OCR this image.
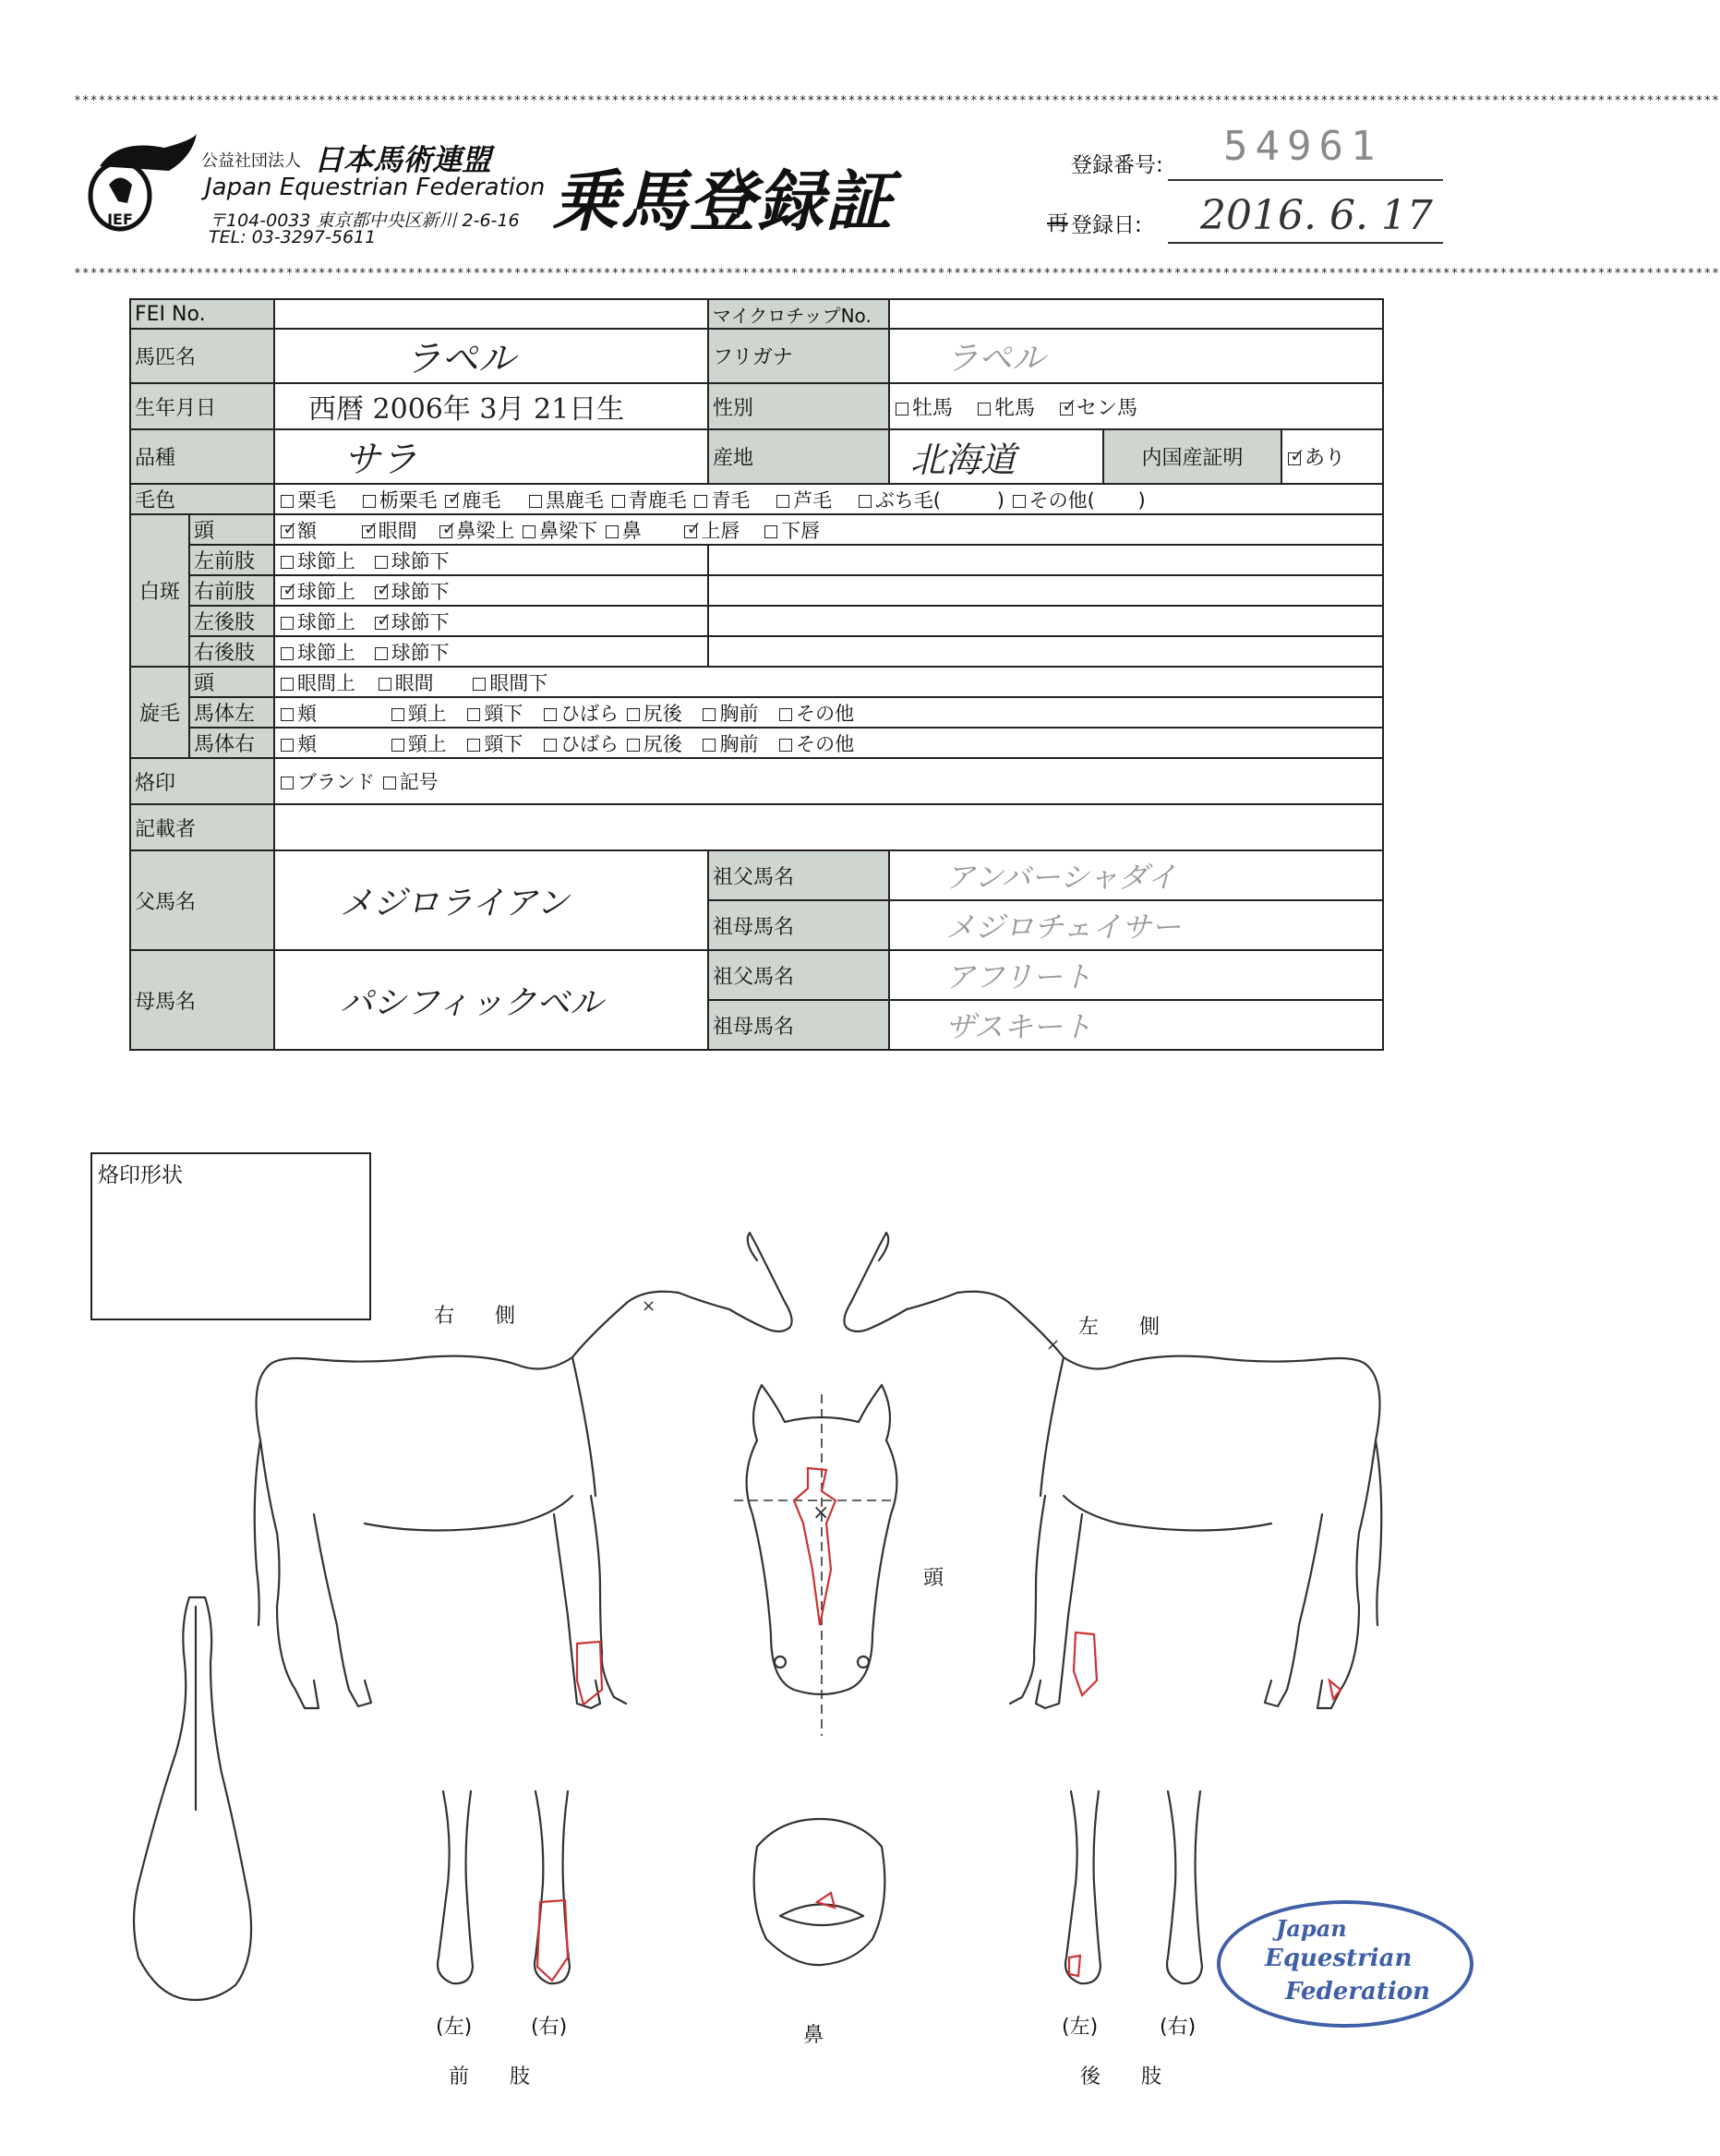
**********************************************************************************************************************************************************************************************************
JEF
公益社団法人 日本馬術連盟
Japan Equestrian Federation
〒104-0033 東京都中央区新川 2-6-16
TEL: 03-3297-5611	乗馬登録証	登録番号: 54961
再 登録日: 2016. 6. 17
**********************************************************************************************************************************************************************************************************
FEI No.			マイクロチップNo.			
馬匹名		ラペル	フリガナ	ラペル		
生年月日		西暦 2006年 3月 21日生	性別	牡馬 牝馬 ✓ セン馬
品種		サラ	産地	北海道	内国産証明	✓あり
毛色		栗毛 栃栗毛 ✓ 鹿毛 黒鹿毛 青鹿毛 青毛 芦毛 ぶち毛( ) その他( )
白斑	頭	✓額 ✓ 眼間 ✓ 鼻梁上 鼻梁下 鼻 ✓ 上唇 下唇
	左前肢	球節上 球節下				
	右前肢	✓球節上 ✓ 球節下	
	左後肢	球節上 ✓ 球節下	
	右後肢	球節上 球節下				
旋毛	頭	眼間上 眼間 眼間下				
	馬体左	頬 頸上 頸下 ひばら 尻後 胸前 その他				
	馬体右	頬 頸上 頸下 ひばら 尻後 胸前 その他				
烙印		ブランド 記号				
記載者						
父馬名		メジロライアン	祖父馬名	アンバーシャダイ		
			祖母馬名	メジロチェイサー		
母馬名		パシフィックベル	祖父馬名	アフリート		
			祖母馬名	ザスキート		
烙印形状
右　　側	左　　側
頭
鼻
(左)	(右)
前　　肢
(左)	(右)
後　　肢
×
×
×
Japan
Equestrian
Federation
